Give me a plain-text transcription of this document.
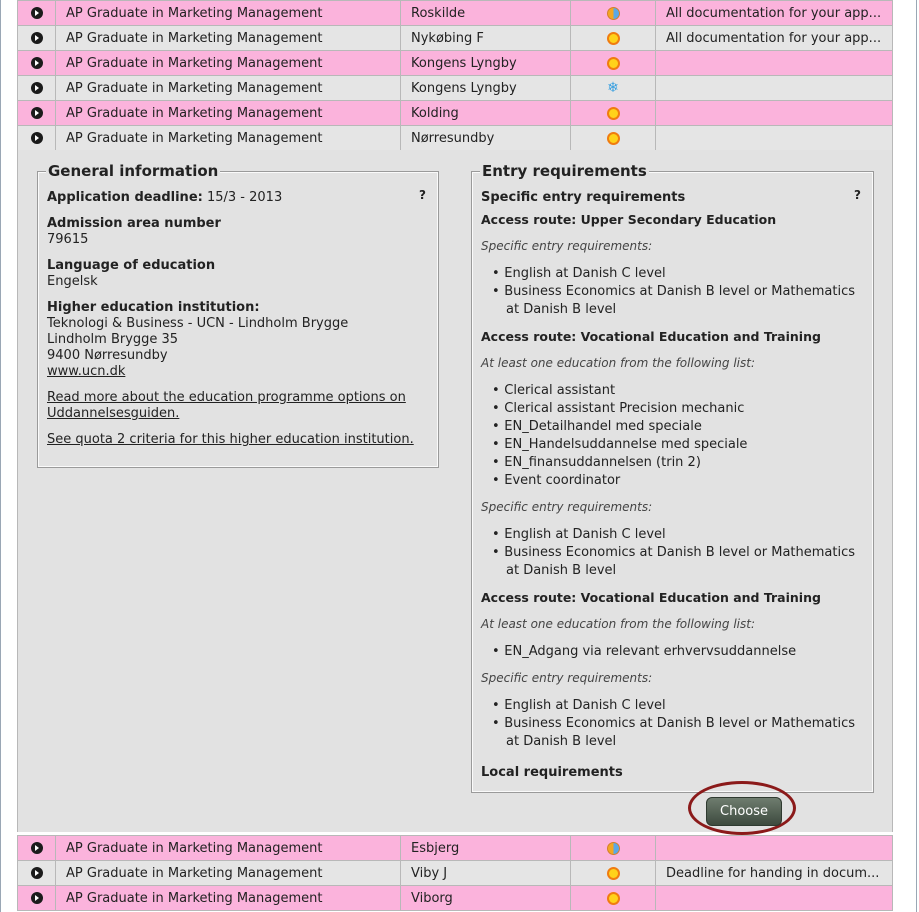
	AP Graduate in Marketing Management	Roskilde		All documentation for your app...
	AP Graduate in Marketing Management	Nykøbing F		All documentation for your app...
	AP Graduate in Marketing Management	Kongens Lyngby		
	AP Graduate in Marketing Management	Kongens Lyngby	❄	
	AP Graduate in Marketing Management	Kolding		
	AP Graduate in Marketing Management	Nørresundby		
General information
?
Application deadline: 15/3 - 2013
Admission area number
79615
Language of education
Engelsk
Higher education institution:
Teknologi & Business - UCN - Lindholm Brygge
Lindholm Brygge 35
9400 Nørresundby
www.ucn.dk
Read more about the education programme options on
Uddannelsesguiden.
See quota 2 criteria for this higher education institution.
Entry requirements
?
Specific entry requirements
Access route: Upper Secondary Education
Specific entry requirements:
• English at Danish C level
• Business Economics at Danish B level or Mathematics
at Danish B level
Access route: Vocational Education and Training
At least one education from the following list:
• Clerical assistant
• Clerical assistant Precision mechanic
• EN_Detailhandel med speciale
• EN_Handelsuddannelse med speciale
• EN_finansuddannelsen (trin 2)
• Event coordinator
Specific entry requirements:
• English at Danish C level
• Business Economics at Danish B level or Mathematics
at Danish B level
Access route: Vocational Education and Training
At least one education from the following list:
• EN_Adgang via relevant erhvervsuddannelse
Specific entry requirements:
• English at Danish C level
• Business Economics at Danish B level or Mathematics
at Danish B level
Local requirements
Choose
	AP Graduate in Marketing Management	Esbjerg		
	AP Graduate in Marketing Management	Viby J		Deadline for handing in docum...
	AP Graduate in Marketing Management	Viborg		
